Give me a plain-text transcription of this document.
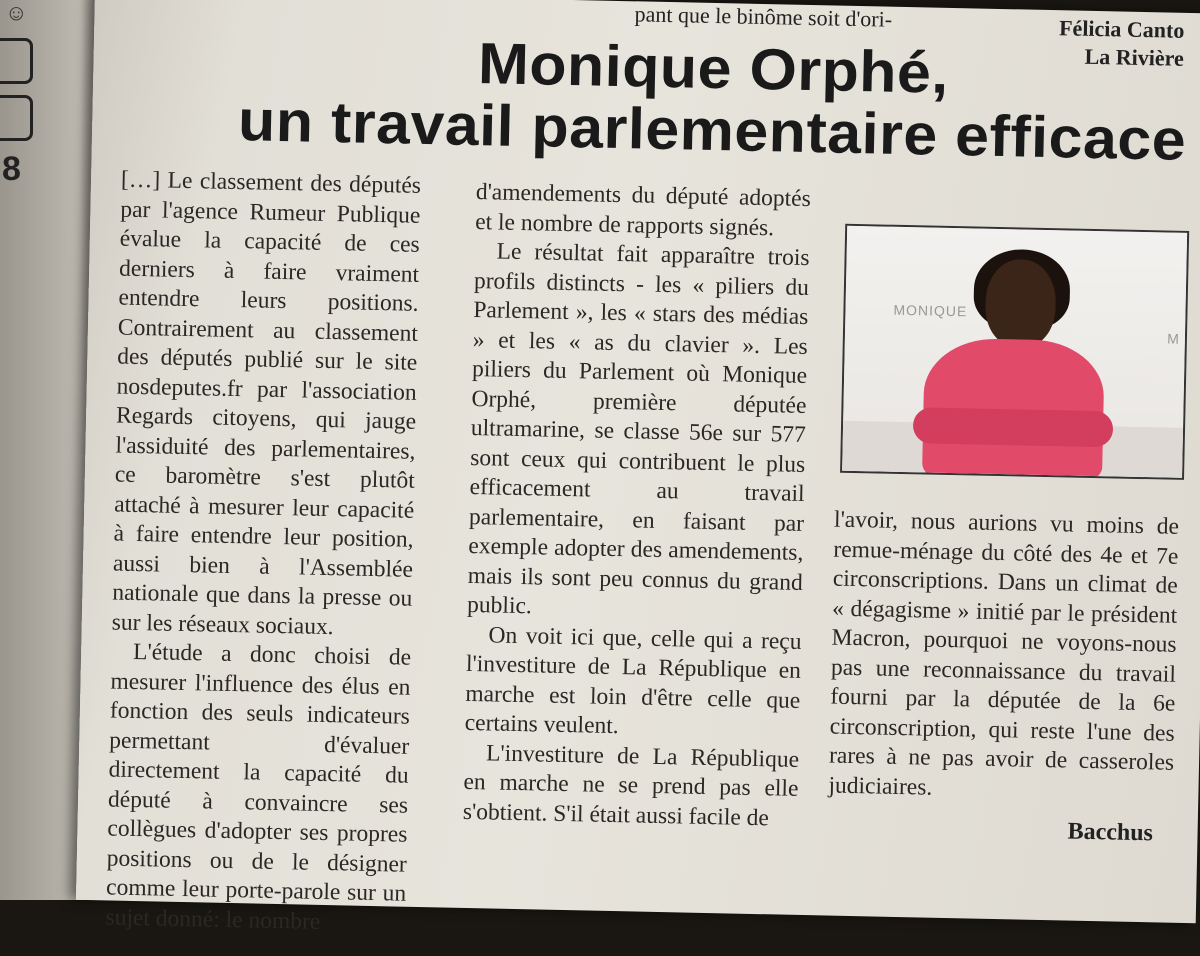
☺
8
pant que le binôme soit d'ori-	Félicia Canto
La Rivière
Monique Orphé,
un travail parlementaire efficace

[…] Le classement des députés par l'agence Rumeur Publique évalue la capacité de ces derniers à faire vraiment entendre leurs positions. Contrairement au classement des députés publié sur le site nosdeputes.fr par l'association Regards citoyens, qui jauge l'assiduité des parlementaires, ce baromètre s'est plutôt attaché à mesurer leur capacité à faire entendre leur position, aussi bien à l'Assemblée nationale que dans la presse ou sur les réseaux sociaux.

L'étude a donc choisi de mesurer l'influence des élus en fonction des seuls indicateurs permettant d'évaluer directement la capacité du député à convaincre ses collègues d'adopter ses propres positions ou de le désigner comme leur porte-parole sur un sujet donné: le nombre

d'amendements du député adoptés et le nombre de rapports signés.

Le résultat fait apparaître trois profils distincts - les « piliers du Parlement », les « stars des médias » et les « as du clavier ». Les piliers du Parlement où Monique Orphé, première députée ultramarine, se classe 56e sur 577 sont ceux qui contribuent le plus efficacement au travail parlementaire, en faisant par exemple adopter des amendements, mais ils sont peu connus du grand public.

On voit ici que, celle qui a reçu l'investiture de La République en marche est loin d'être celle que certains veulent.

L'investiture de La République en marche ne se prend pas elle s'obtient. S'il était aussi facile de

MONIQUE
M

l'avoir, nous aurions vu moins de remue-ménage du côté des 4e et 7e circonscriptions. Dans un climat de « dégagisme » initié par le président Macron, pourquoi ne voyons-nous pas une reconnaissance du travail fourni par la députée de la 6e circonscription, qui reste l'une des rares à ne pas avoir de casseroles judiciaires.

Bacchus
